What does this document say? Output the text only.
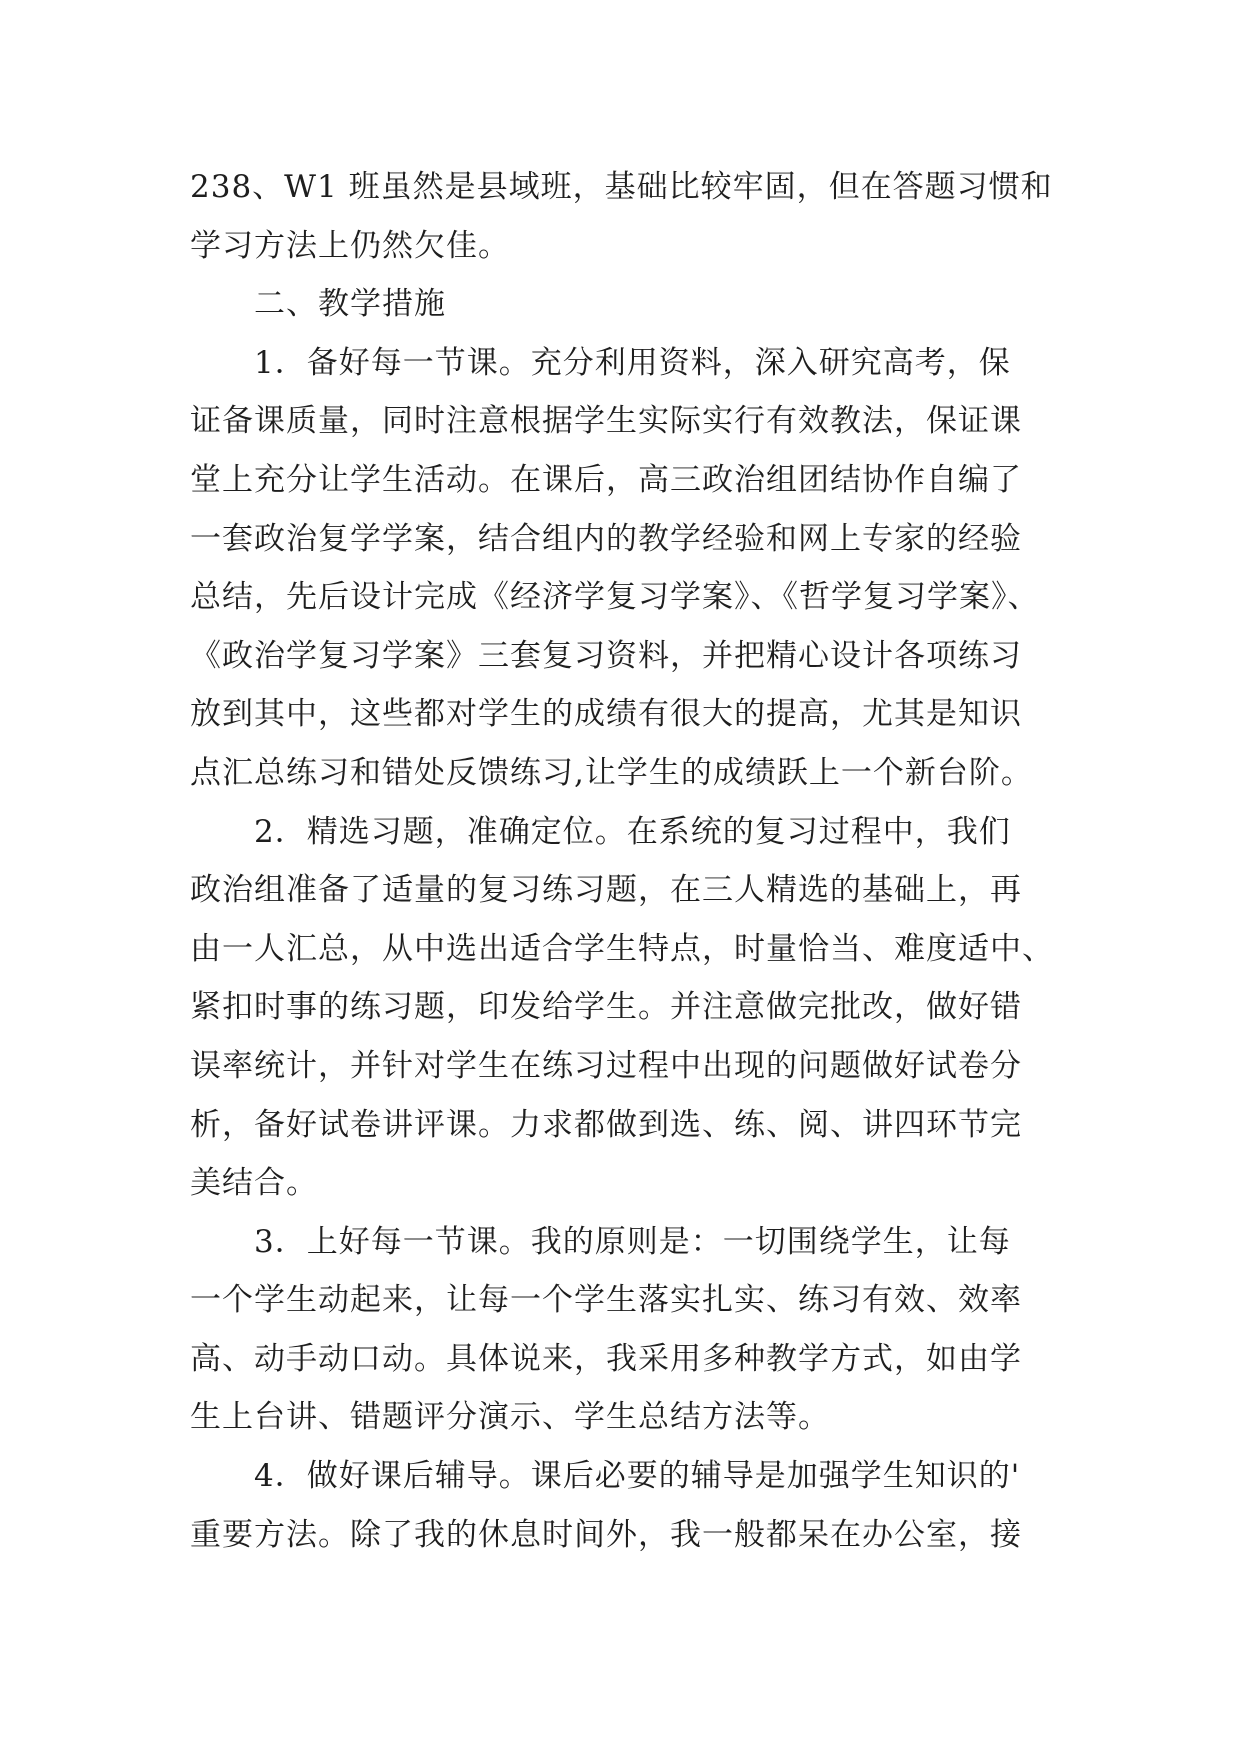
238、W1 班虽然是县域班，基础比较牢固，但在答题习惯和
学习方法上仍然欠佳。
二、教学措施
1．备好每一节课。充分利用资料，深入研究高考，保
证备课质量，同时注意根据学生实际实行有效教法，保证课
堂上充分让学生活动。在课后，高三政治组团结协作自编了
一套政治复学学案，结合组内的教学经验和网上专家的经验
总结，先后设计完成《经济学复习学案》、《哲学复习学案》、
《政治学复习学案》三套复习资料，并把精心设计各项练习
放到其中，这些都对学生的成绩有很大的提高，尤其是知识
点汇总练习和错处反馈练习,让学生的成绩跃上一个新台阶。
2．精选习题，准确定位。在系统的复习过程中，我们
政治组准备了适量的复习练习题，在三人精选的基础上，再
由一人汇总，从中选出适合学生特点，时量恰当、难度适中、
紧扣时事的练习题，印发给学生。并注意做完批改，做好错
误率统计，并针对学生在练习过程中出现的问题做好试卷分
析，备好试卷讲评课。力求都做到选、练、阅、讲四环节完
美结合。
3．上好每一节课。我的原则是：一切围绕学生，让每
一个学生动起来，让每一个学生落实扎实、练习有效、效率
高、动手动口动。具体说来，我采用多种教学方式，如由学
生上台讲、错题评分演示、学生总结方法等。
4．做好课后辅导。课后必要的辅导是加强学生知识的'
重要方法。除了我的休息时间外，我一般都呆在办公室，接
